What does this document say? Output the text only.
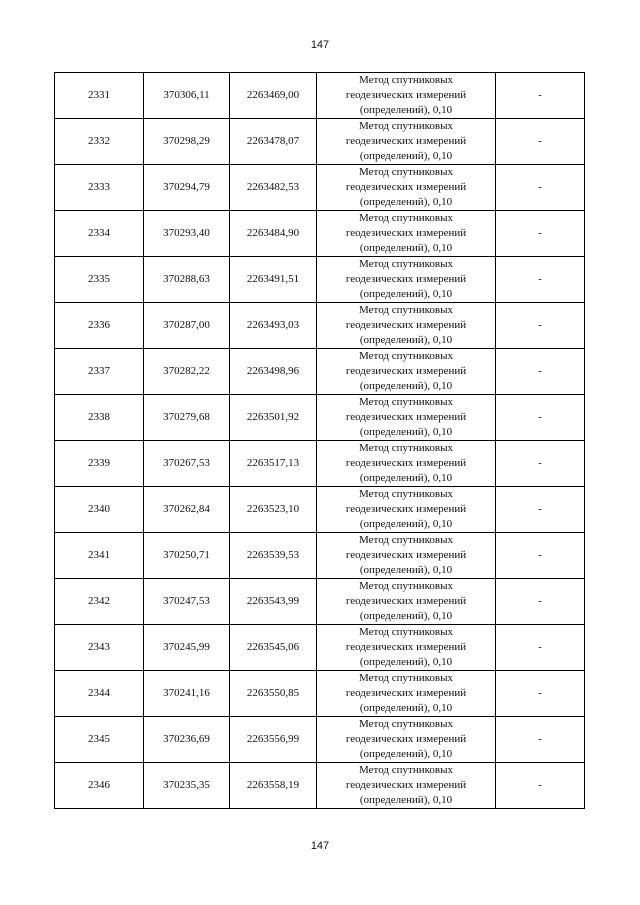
147
2331	370306,11	2263469,00	Метод спутниковых
геодезических измерений
(определений), 0,10	-
2332	370298,29	2263478,07	Метод спутниковых
геодезических измерений
(определений), 0,10	-
2333	370294,79	2263482,53	Метод спутниковых
геодезических измерений
(определений), 0,10	-
2334	370293,40	2263484,90	Метод спутниковых
геодезических измерений
(определений), 0,10	-
2335	370288,63	2263491,51	Метод спутниковых
геодезических измерений
(определений), 0,10	-
2336	370287,00	2263493,03	Метод спутниковых
геодезических измерений
(определений), 0,10	-
2337	370282,22	2263498,96	Метод спутниковых
геодезических измерений
(определений), 0,10	-
2338	370279,68	2263501,92	Метод спутниковых
геодезических измерений
(определений), 0,10	-
2339	370267,53	2263517,13	Метод спутниковых
геодезических измерений
(определений), 0,10	-
2340	370262,84	2263523,10	Метод спутниковых
геодезических измерений
(определений), 0,10	-
2341	370250,71	2263539,53	Метод спутниковых
геодезических измерений
(определений), 0,10	-
2342	370247,53	2263543,99	Метод спутниковых
геодезических измерений
(определений), 0,10	-
2343	370245,99	2263545,06	Метод спутниковых
геодезических измерений
(определений), 0,10	-
2344	370241,16	2263550,85	Метод спутниковых
геодезических измерений
(определений), 0,10	-
2345	370236,69	2263556,99	Метод спутниковых
геодезических измерений
(определений), 0,10	-
2346	370235,35	2263558,19	Метод спутниковых
геодезических измерений
(определений), 0,10	-
147
